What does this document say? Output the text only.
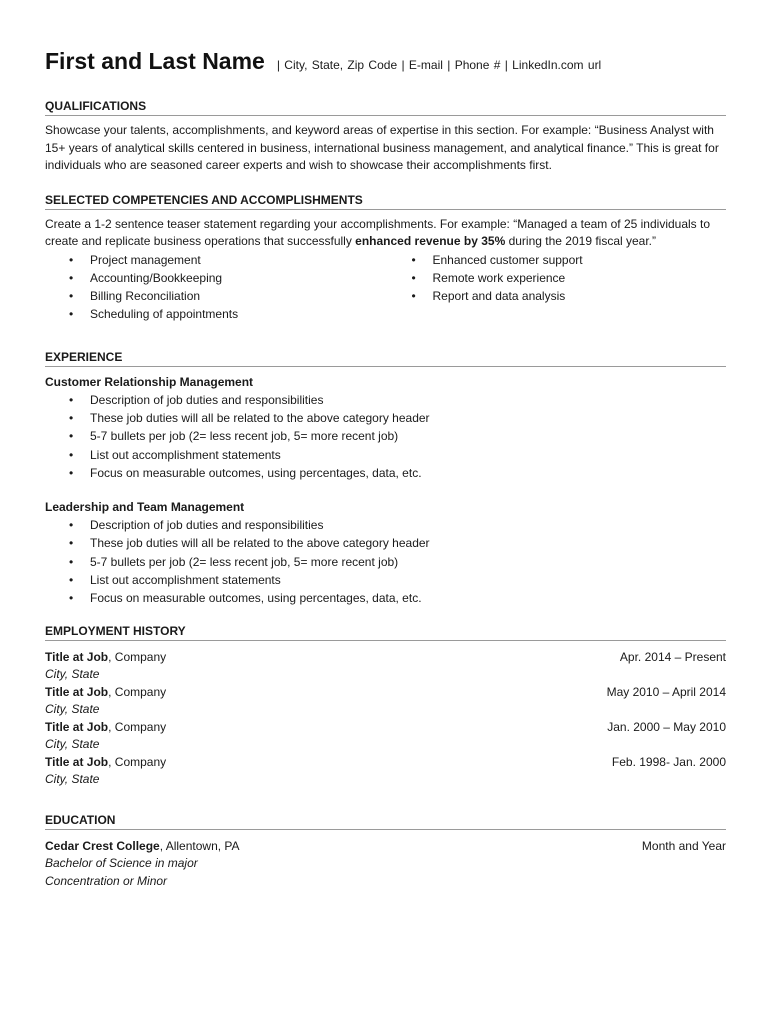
First and Last Name | City, State, Zip Code | E-mail | Phone # | LinkedIn.com url
QUALIFICATIONS

Showcase your talents, accomplishments, and keyword areas of expertise in this section. For example: “Business Analyst with 15+ years of analytical skills centered in business, international business management, and analytical finance.” This is great for individuals who are seasoned career experts and wish to showcase their accomplishments first.

SELECTED COMPETENCIES AND ACCOMPLISHMENTS

Create a 1-2 sentence teaser statement regarding your accomplishments. For example: “Managed a team of 25 individuals to create and replicate business operations that successfully enhanced revenue by 35% during the 2019 fiscal year.”

• Project management
• Accounting/Bookkeeping
• Billing Reconciliation
• Scheduling of appointments
• Enhanced customer support
• Remote work experience
• Report and data analysis
EXPERIENCE
Customer Relationship Management
• Description of job duties and responsibilities
• These job duties will all be related to the above category header
• 5-7 bullets per job (2= less recent job, 5= more recent job)
• List out accomplishment statements
• Focus on measurable outcomes, using percentages, data, etc.
Leadership and Team Management
• Description of job duties and responsibilities
• These job duties will all be related to the above category header
• 5-7 bullets per job (2= less recent job, 5= more recent job)
• List out accomplishment statements
• Focus on measurable outcomes, using percentages, data, etc.
EMPLOYMENT HISTORY
Title at Job, Company	Apr. 2014 – Present
City, State
Title at Job, Company	May 2010 – April 2014
City, State
Title at Job, Company	Jan. 2000 – May 2010
City, State
Title at Job, Company	Feb. 1998- Jan. 2000
City, State
EDUCATION
Cedar Crest College, Allentown, PA	Month and Year
Bachelor of Science in major
Concentration or Minor
